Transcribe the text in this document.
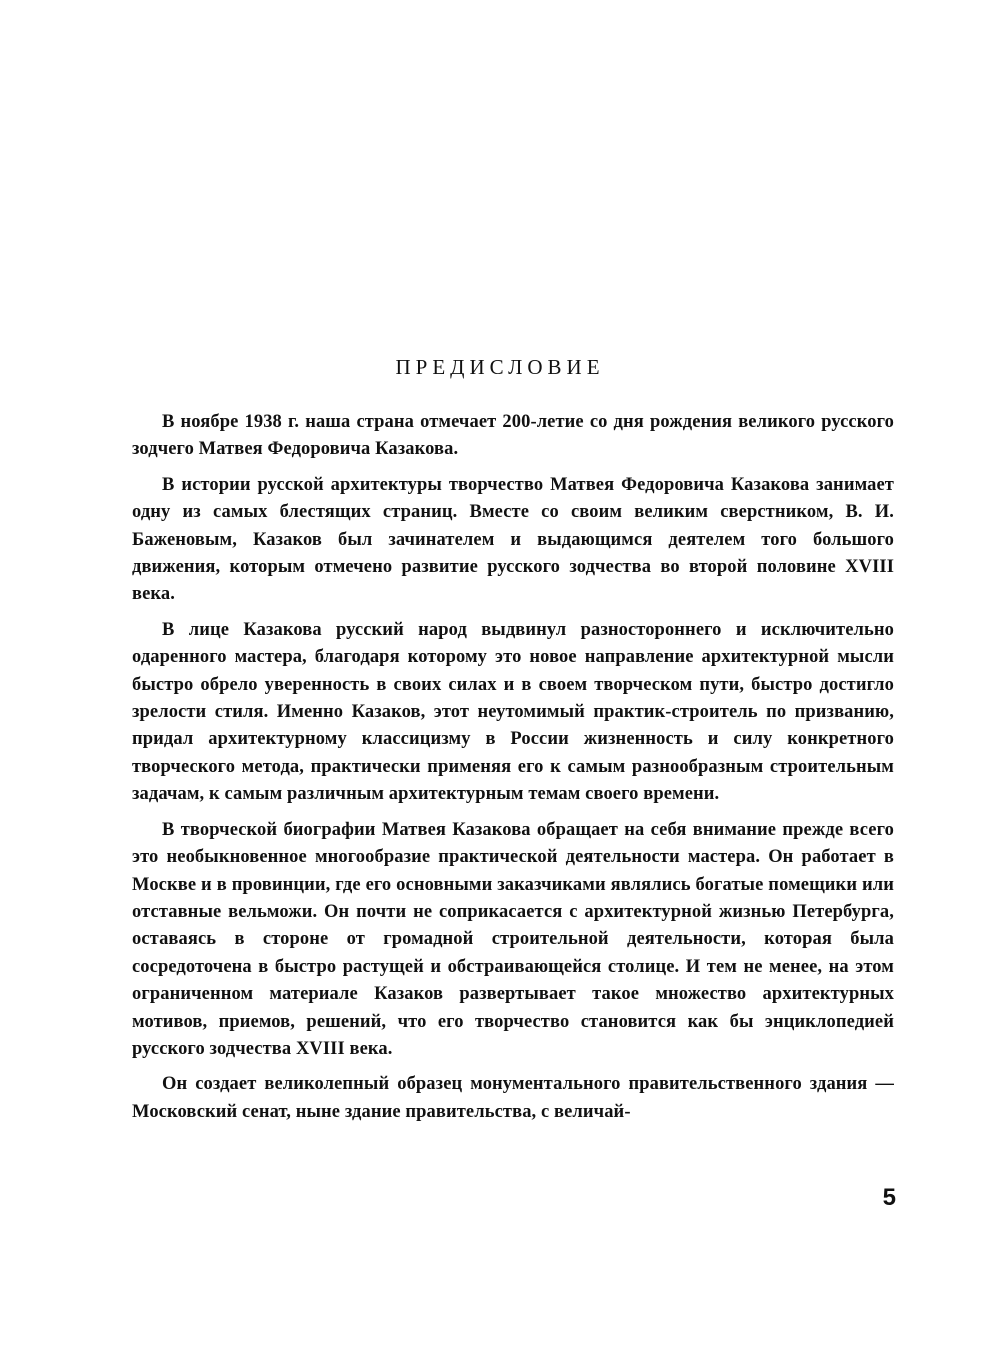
ПРЕДИСЛОВИЕ

В ноябре 1938 г. наша страна отмечает 200-летие со дня рождения великого русского зодчего Матвея Федоровича Казакова.

В истории русской архитектуры творчество Матвея Федоровича Казакова занимает одну из самых блестящих страниц. Вместе со своим великим сверстником, В. И. Баженовым, Казаков был зачинателем и выдающимся деятелем того большого движения, которым отмечено развитие русского зодчества во второй половине XVIII века.

В лице Казакова русский народ выдвинул разностороннего и исключительно одаренного мастера, благодаря которому это новое направление архитектурной мысли быстро обрело уверенность в своих силах и в своем творческом пути, быстро достигло зрелости стиля. Именно Казаков, этот неутомимый практик-строитель по призванию, придал архитектурному классицизму в России жизненность и силу конкретного творческого метода, практически применяя его к самым разнообразным строительным задачам, к самым различным архитектурным темам своего времени.

В творческой биографии Матвея Казакова обращает на себя внимание прежде всего это необыкновенное многообразие практической деятельности мастера. Он работает в Москве и в провинции, где его основными заказчиками являлись богатые помещики или отставные вельможи. Он почти не соприкасается с архитектурной жизнью Петербурга, оставаясь в стороне от громадной строительной деятельности, которая была сосредоточена в быстро растущей и обстраивающейся столице. И тем не менее, на этом ограниченном материале Казаков развертывает такое множество архитектурных мотивов, приемов, решений, что его творчество становится как бы энциклопедией русского зодчества XVIII века.

Он создает великолепный образец монументального правительственного здания — Московский сенат, ныне здание правительства, с величай-

5
